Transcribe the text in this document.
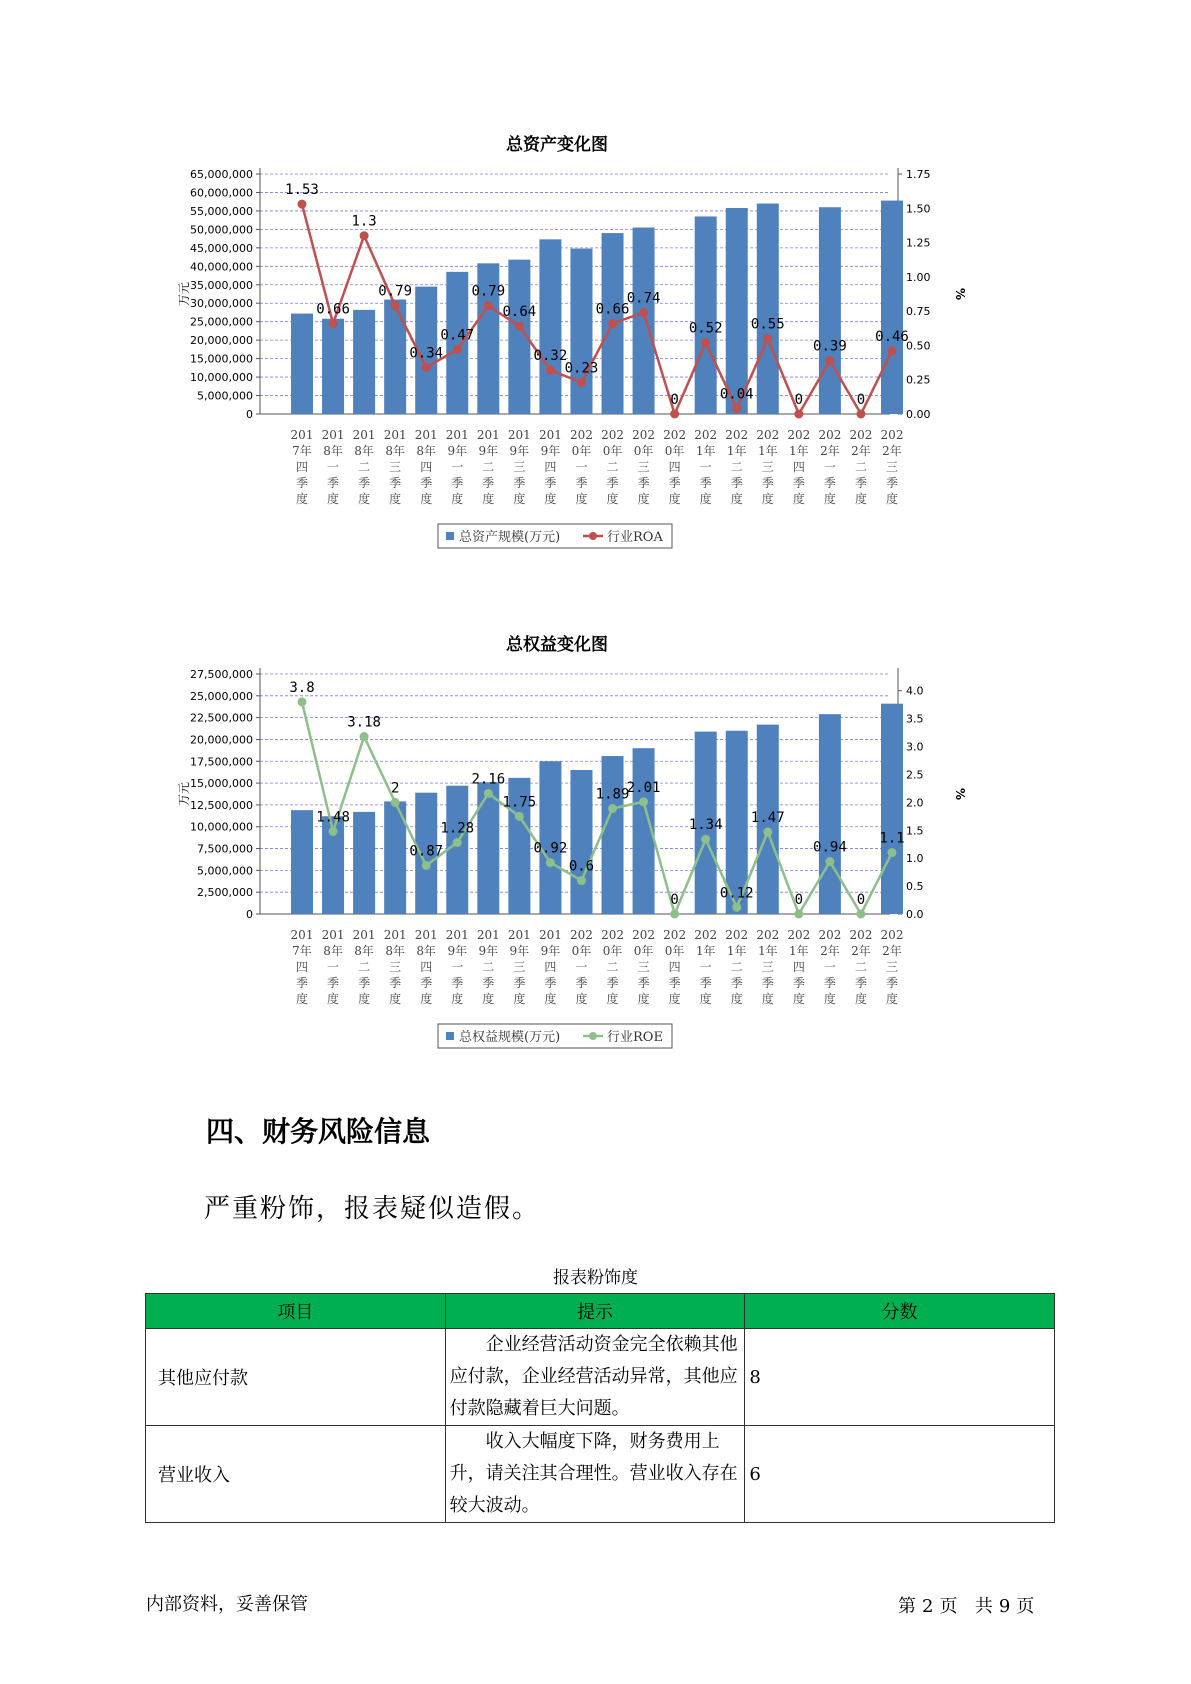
总资产变化图
0
5,000,000
10,000,000
15,000,000
20,000,000
25,000,000
30,000,000
35,000,000
40,000,000
45,000,000
50,000,000
55,000,000
60,000,000
65,000,000
0.00
0.25
0.50
0.75
1.00
1.25
1.50
1.75
万元	%
1.53
0.66
1.3
0.79
0.34
0.47
0.79
0.64
0.32
0.23
0.66
0.74
0
0.52
0.04
0.55
0
0.39
0
0.46
201 7年四季度
201 8年一季度
201 8年二季度
201 8年三季度
201 8年四季度
201 9年一季度
201 9年二季度
201 9年三季度
201 9年四季度
202 0年一季度
202 0年二季度
202 0年三季度
202 0年四季度
202 1年一季度
202 1年二季度
202 1年三季度
202 1年四季度
202 2年一季度
202 2年二季度
202 2年三季度
总资产规模(万元)	行业ROA
总权益变化图
0
2,500,000
5,000,000
7,500,000
10,000,000
12,500,000
15,000,000
17,500,000
20,000,000
22,500,000
25,000,000
27,500,000
0.0
0.5
1.0
1.5
2.0
2.5
3.0
3.5
4.0
万元	%
3.8
1.48
3.18
2
0.87
1.28
2.16
1.75
0.92
0.6
1.89
2.01
0
1.34
0.12
1.47
0
0.94
0
1.1
201 7年四季度
201 8年一季度
201 8年二季度
201 8年三季度
201 8年四季度
201 9年一季度
201 9年二季度
201 9年三季度
201 9年四季度
202 0年一季度
202 0年二季度
202 0年三季度
202 0年四季度
202 1年一季度
202 1年二季度
202 1年三季度
202 1年四季度
202 2年一季度
202 2年二季度
202 2年三季度
总权益规模(万元)	行业ROE
四、财务风险信息
严重粉饰，报表疑似造假。
报表粉饰度
项目	提示	分数
其他应付款	企业经营活动资金完全依赖其他应付款，企业经营活动异常，其他应付款隐藏着巨大问题。	8
营业收入	收入大幅度下降，财务费用上升，请关注其合理性。营业收入存在较大波动。	6
内部资料，妥善保管	第 2 页 共 9 页
